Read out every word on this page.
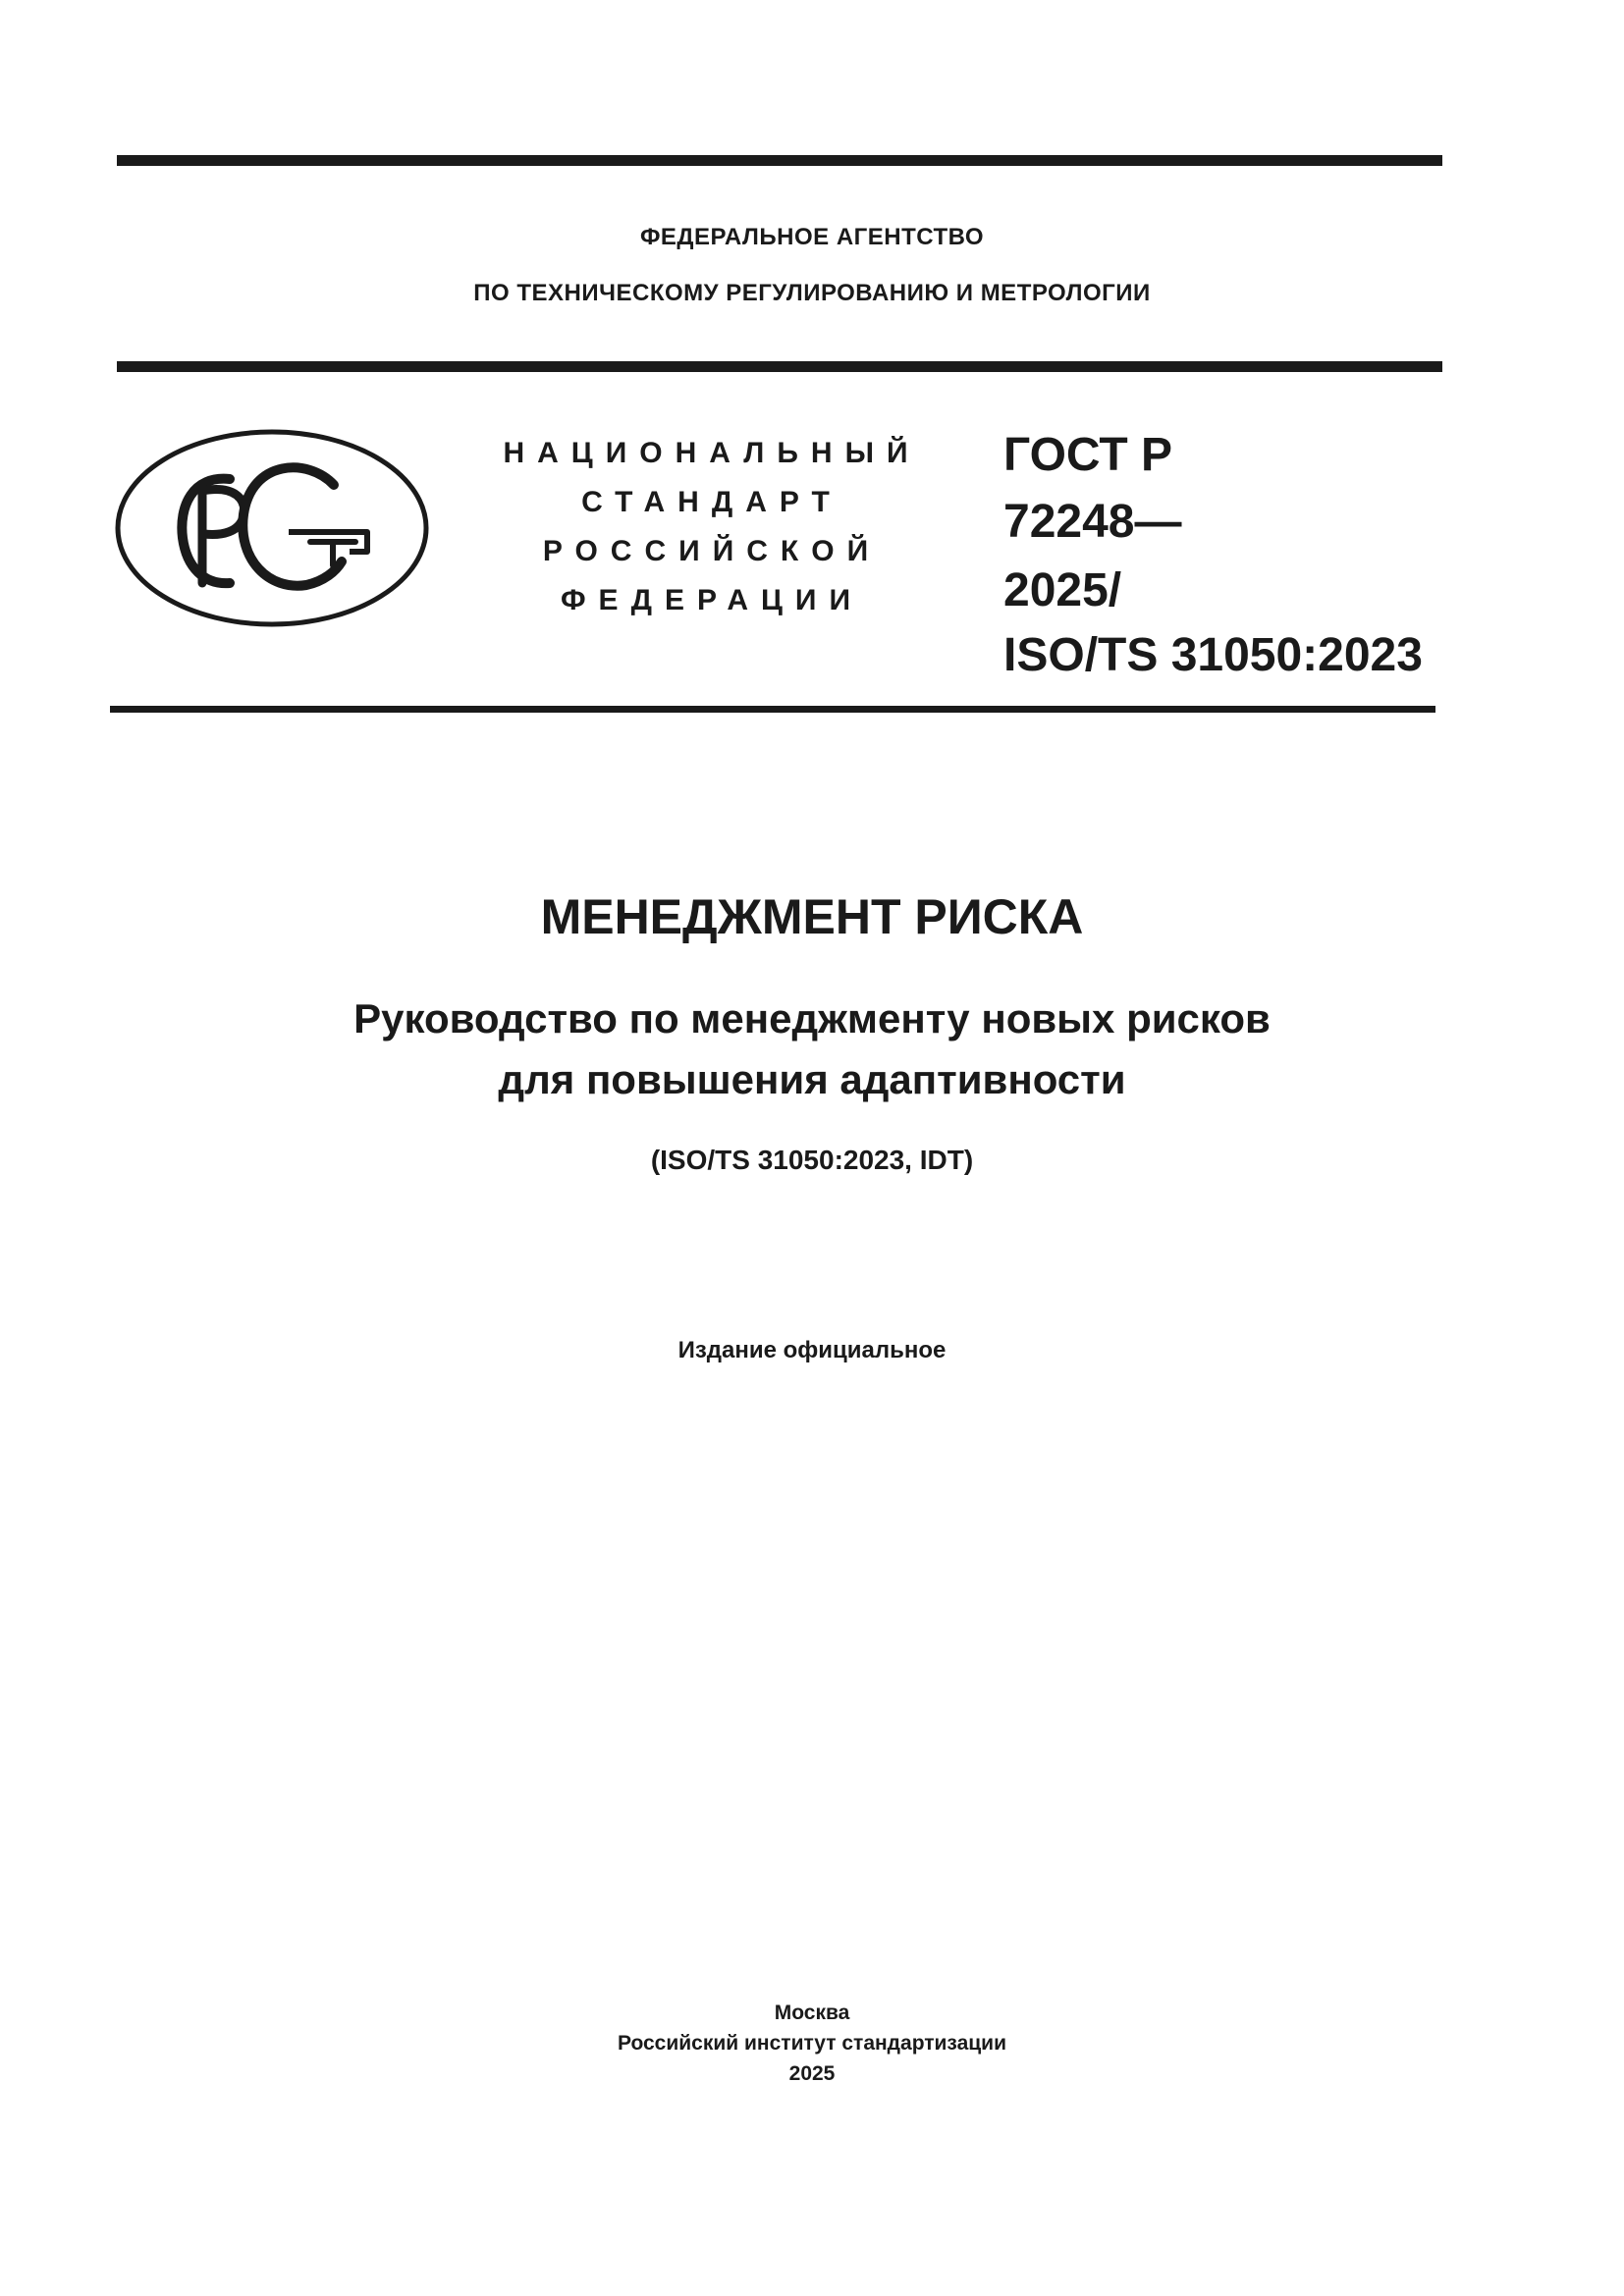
ФЕДЕРАЛЬНОЕ АГЕНТСТВО
ПО ТЕХНИЧЕСКОМУ РЕГУЛИРОВАНИЮ И МЕТРОЛОГИИ
НАЦИОНАЛЬНЫЙ
СТАНДАРТ
РОССИЙСКОЙ
ФЕДЕРАЦИИ
ГОСТ Р
72248—
2025/
ISO/TS 31050:2023
МЕНЕДЖМЕНТ РИСКА
Руководство по менеджменту новых рисков
для повышения адаптивности
(ISO/TS 31050:2023, IDT)
Издание официальное
Москва
Российский институт стандартизации
2025
